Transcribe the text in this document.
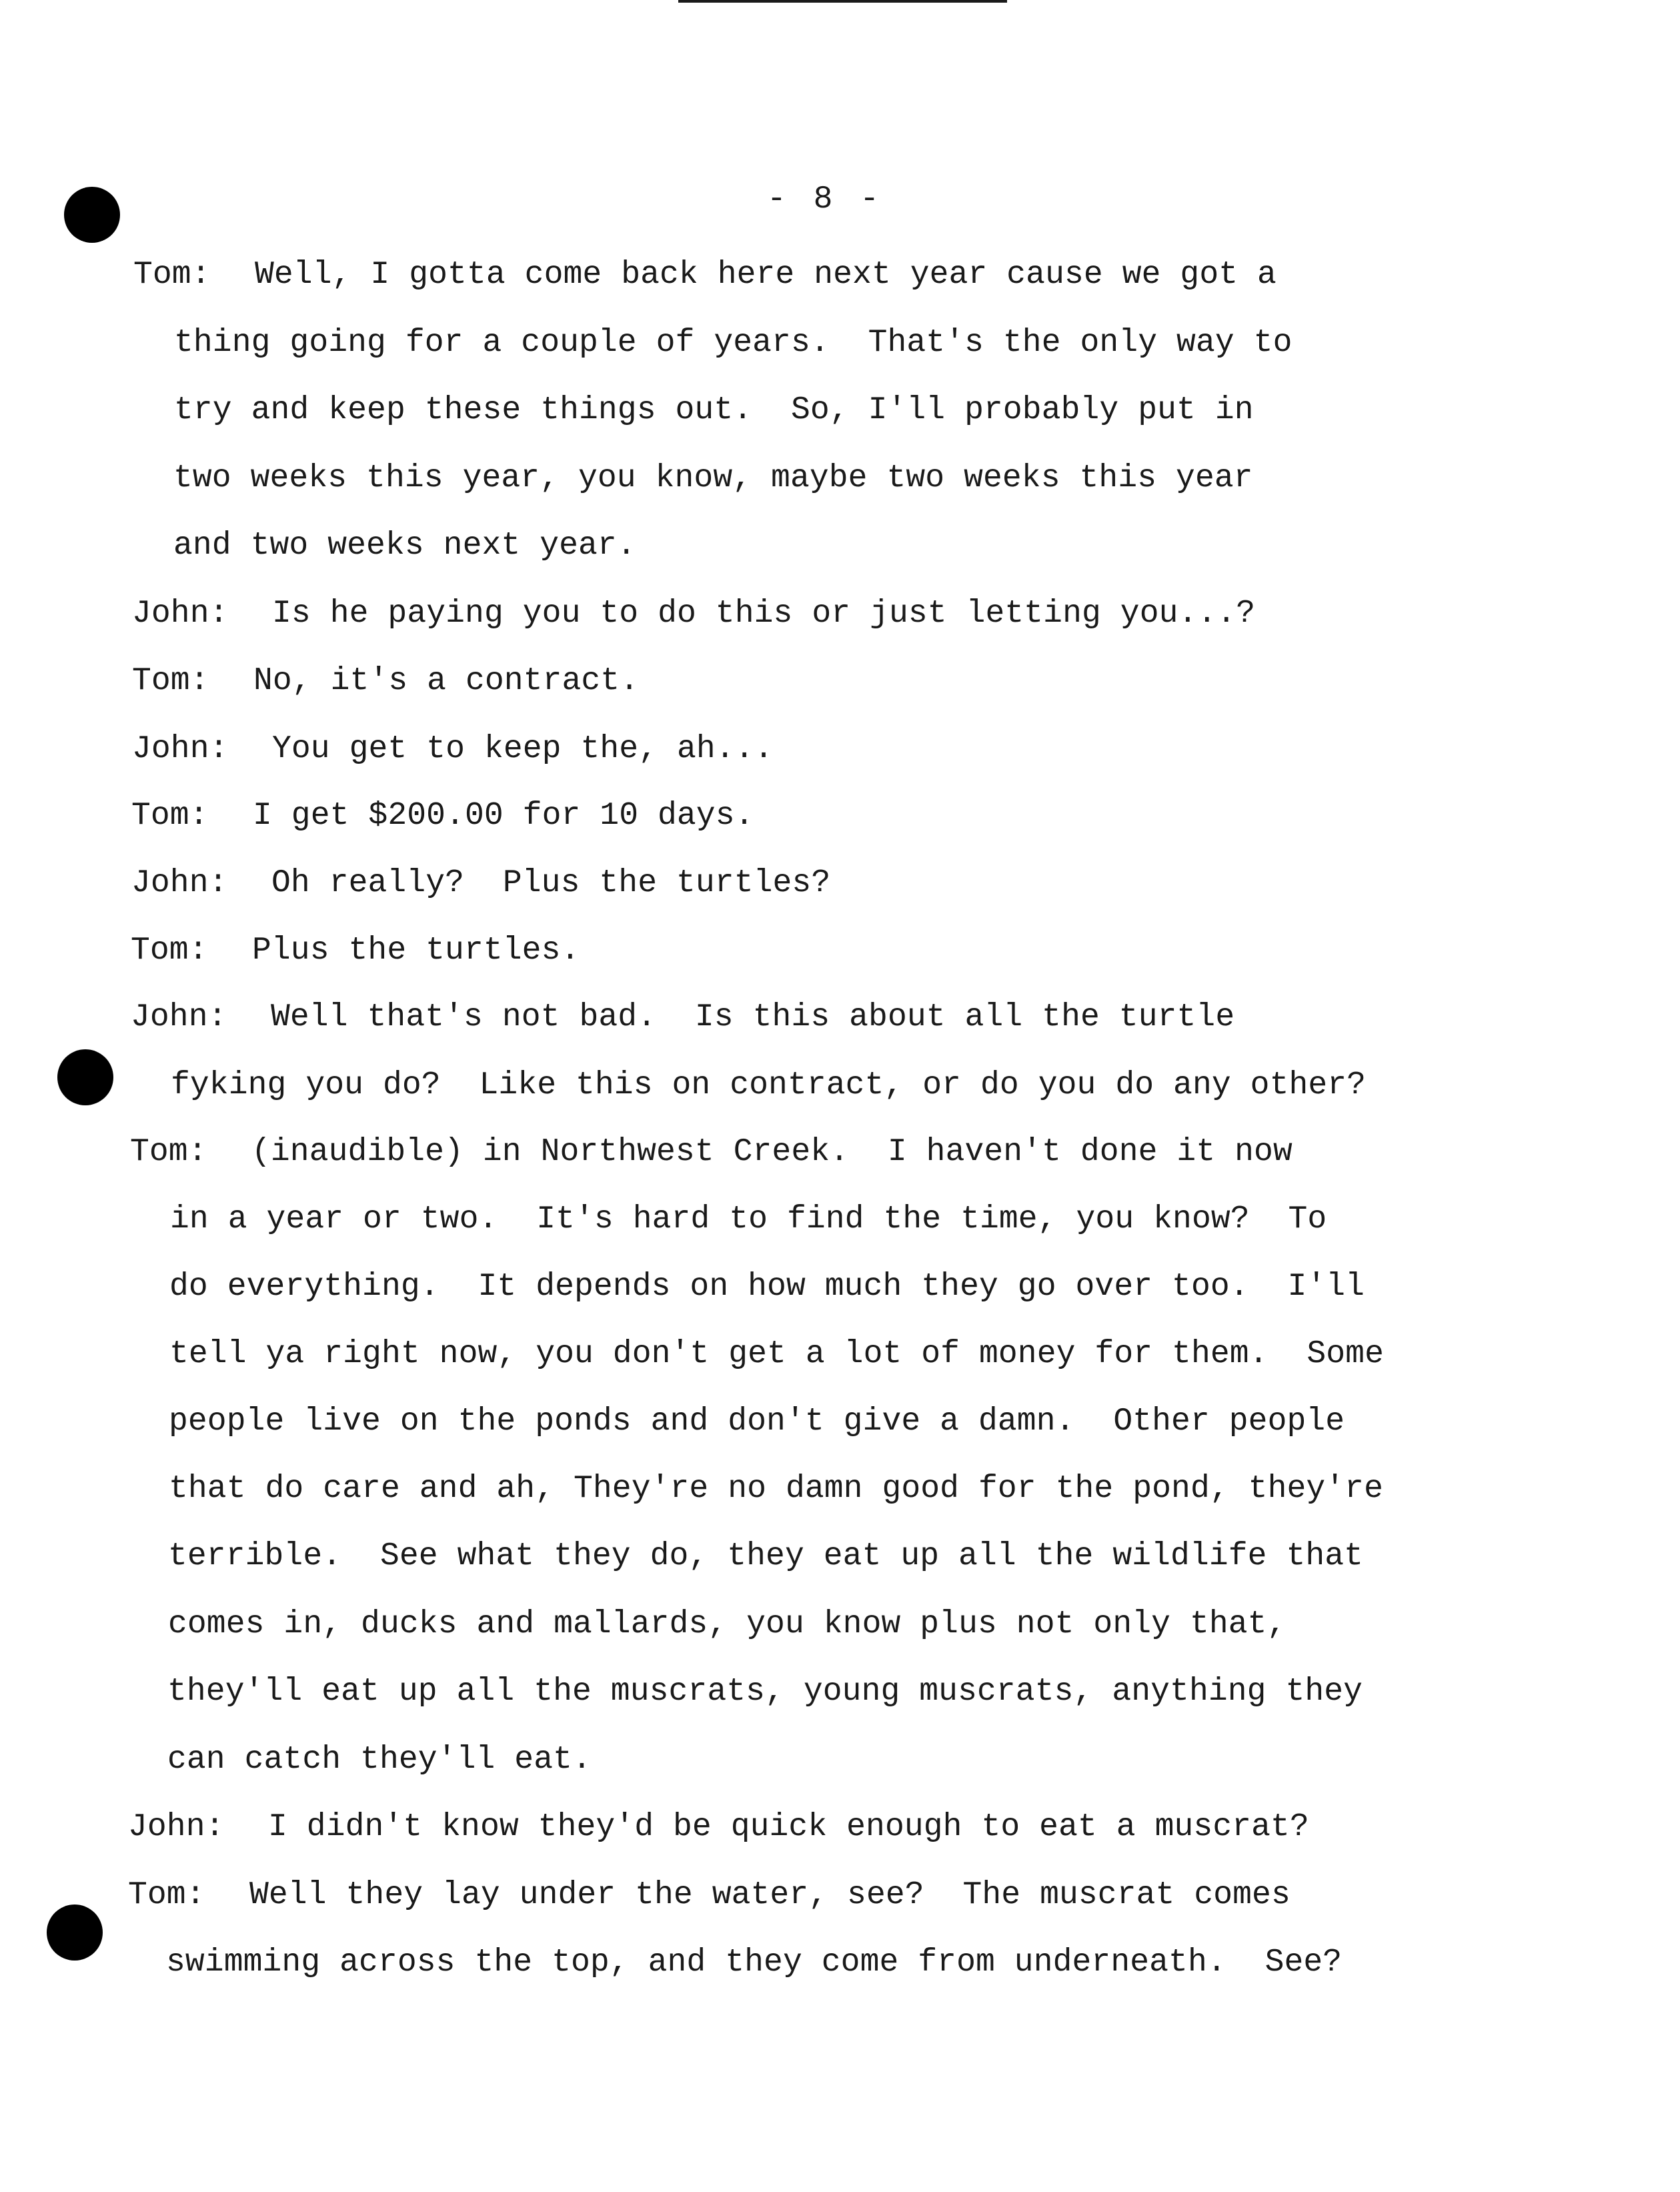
- 8 -
Tom: Well, I gotta come back here next year cause we got a
thing going for a couple of years.  That's the only way to
try and keep these things out.  So, I'll probably put in
two weeks this year, you know, maybe two weeks this year
and two weeks next year.
John: Is he paying you to do this or just letting you...?
Tom: No, it's a contract.
John: You get to keep the, ah...
Tom: I get $200.00 for 10 days.
John: Oh really?  Plus the turtles?
Tom: Plus the turtles.
John: Well that's not bad.  Is this about all the turtle
fyking you do?  Like this on contract, or do you do any other?
Tom: (inaudible) in Northwest Creek.  I haven't done it now
in a year or two.  It's hard to find the time, you know?  To
do everything.  It depends on how much they go over too.  I'll
tell ya right now, you don't get a lot of money for them.  Some
people live on the ponds and don't give a damn.  Other people
that do care and ah, They're no damn good for the pond, they're
terrible.  See what they do, they eat up all the wildlife that
comes in, ducks and mallards, you know plus not only that,
they'll eat up all the muscrats, young muscrats, anything they
can catch they'll eat.
John: I didn't know they'd be quick enough to eat a muscrat?
Tom: Well they lay under the water, see?  The muscrat comes
swimming across the top, and they come from underneath.  See?
